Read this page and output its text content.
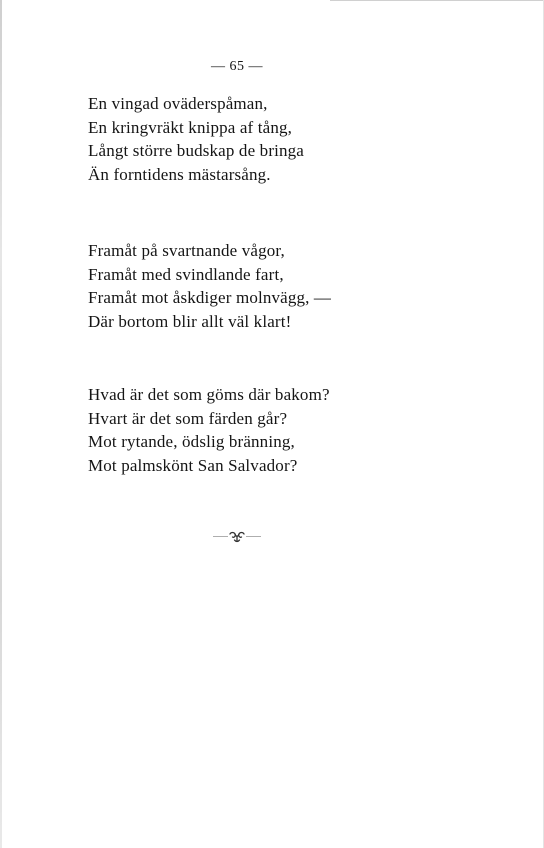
— 65 —
En vingad oväderspåman,
En kringvräkt knippa af tång,
Långt större budskap de bringa
Än forntidens mästarsång.
Framåt på svartnande vågor,
Framåt med svindlande fart,
Framåt mot åskdiger molnvägg, —
Där bortom blir allt väl klart!
Hvad är det som göms där bakom?
Hvart är det som färden går?
Mot rytande, ödslig bränning,
Mot palmskönt San Salvador?
